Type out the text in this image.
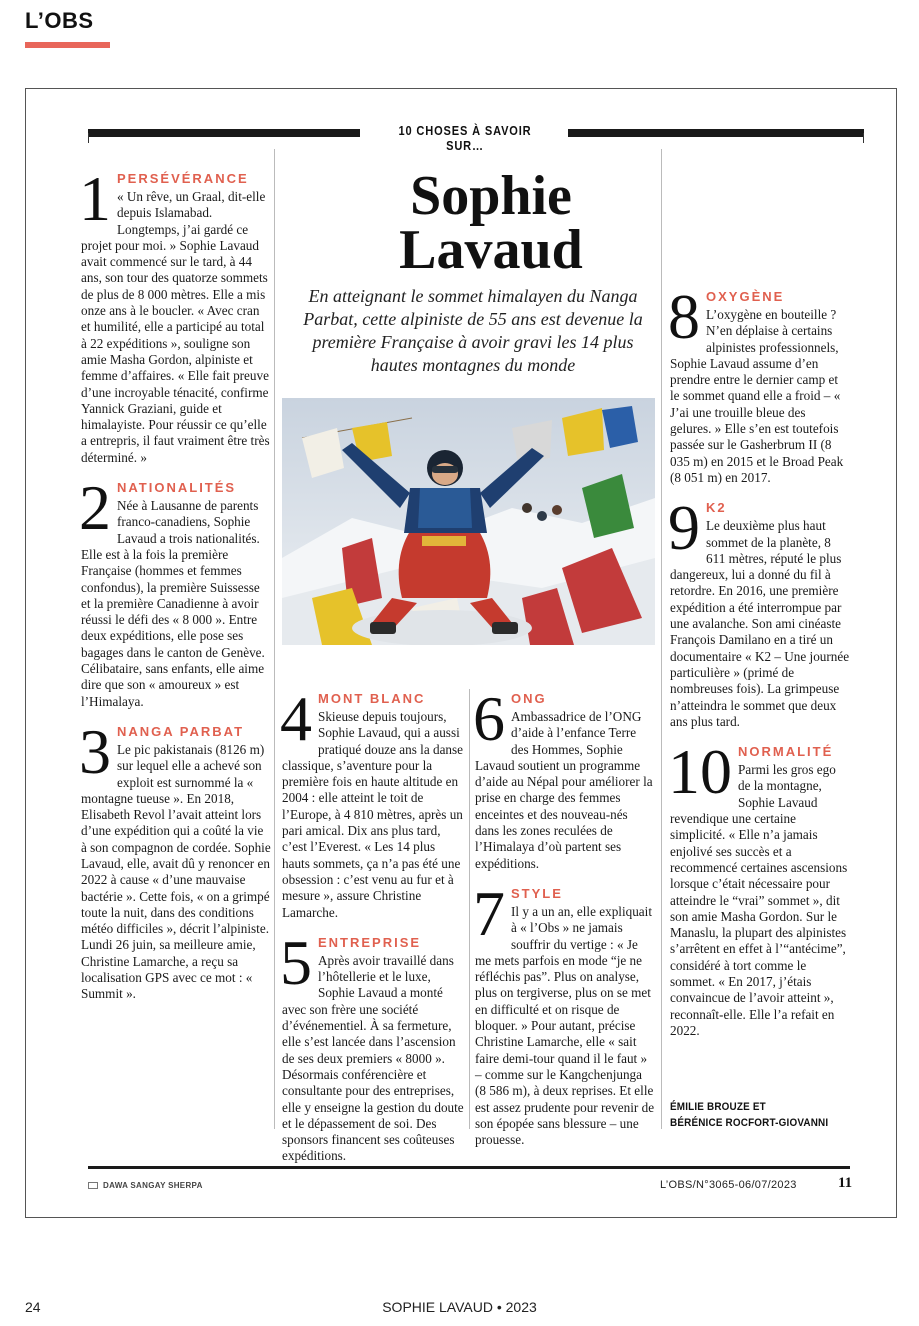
L’OBS
10 CHOSES À SAVOIR SUR…
1 PERSÉVÉRANCE
« Un rêve, un Graal, dit-elle depuis Islamabad. Longtemps, j’ai gardé ce projet pour moi. » Sophie Lavaud avait commencé sur le tard, à 44 ans, son tour des quatorze sommets de plus de 8 000 mètres. Elle a mis onze ans à le boucler. « Avec cran et humilité, elle a participé au total à 22 expéditions », souligne son amie Masha Gordon, alpiniste et femme d’affaires. « Elle fait preuve d’une incroyable ténacité, confirme Yannick Graziani, guide et himalayiste. Pour réussir ce qu’elle a entrepris, il faut vraiment être très déterminé. »
2 NATIONALITÉS
Née à Lausanne de parents franco-canadiens, Sophie Lavaud a trois nationalités. Elle est à la fois la première Française (hommes et femmes confondus), la première Suissesse et la première Canadienne à avoir réussi le défi des « 8 000 ». Entre deux expéditions, elle pose ses bagages dans le canton de Genève. Célibataire, sans enfants, elle aime dire que son « amoureux » est l’Himalaya.
3 NANGA PARBAT
Le pic pakistanais (8126 m) sur lequel elle a achevé son exploit est surnommé la « montagne tueuse ». En 2018, Elisabeth Revol l’avait atteint lors d’une expédition qui a coûté la vie à son compagnon de cordée. Sophie Lavaud, elle, avait dû y renoncer en 2022 à cause « d’une mauvaise bactérie ». Cette fois, « on a grimpé toute la nuit, dans des conditions météo difficiles », décrit l’alpiniste. Lundi 26 juin, sa meilleure amie, Christine Lamarche, a reçu sa localisation GPS avec ce mot : « Summit ».
Sophie
Lavaud
En atteignant le sommet himalayen du Nanga Parbat, cette alpiniste de 55 ans est devenue la première Française à avoir gravi les 14 plus hautes montagnes du monde
4 MONT BLANC
Skieuse depuis toujours, Sophie Lavaud, qui a aussi pratiqué douze ans la danse classique, s’aventure pour la première fois en haute altitude en 2004 : elle atteint le toit de l’Europe, à 4 810 mètres, après un pari amical. Dix ans plus tard, c’est l’Everest. « Les 14 plus hauts sommets, ça n’a pas été une obsession : c’est venu au fur et à mesure », assure Christine Lamarche.
5 ENTREPRISE
Après avoir travaillé dans l’hôtellerie et le luxe, Sophie Lavaud a monté avec son frère une société d’événementiel. À sa fermeture, elle s’est lancée dans l’ascension de ses deux premiers « 8000 ». Désormais conférencière et consultante pour des entreprises, elle y enseigne la gestion du doute et le dépassement de soi. Des sponsors financent ses coûteuses expéditions.
6 ONG
Ambassadrice de l’ONG d’aide à l’enfance Terre des Hommes, Sophie Lavaud soutient un programme d’aide au Népal pour améliorer la prise en charge des femmes enceintes et des nouveau-nés dans les zones reculées de l’Himalaya d’où partent ses expéditions.
7 STYLE
Il y a un an, elle expliquait à « l’Obs » ne jamais souffrir du vertige : « Je me mets parfois en mode “je ne réfléchis pas”. Plus on analyse, plus on tergiverse, plus on se met en difficulté et on risque de bloquer. » Pour autant, précise Christine Lamarche, elle « sait faire demi-tour quand il le faut » – comme sur le Kangchenjunga (8 586 m), à deux reprises. Et elle est assez prudente pour revenir de son épopée sans blessure – une prouesse.
8 OXYGÈNE
L’oxygène en bouteille ? N’en déplaise à certains alpinistes professionnels, Sophie Lavaud assume d’en prendre entre le dernier camp et le sommet quand elle a froid – « J’ai une trouille bleue des gelures. » Elle s’en est toutefois passée sur le Gasherbrum II (8 035 m) en 2015 et le Broad Peak (8 051 m) en 2017.
9 K2
Le deuxième plus haut sommet de la planète, 8 611 mètres, réputé le plus dangereux, lui a donné du fil à retordre. En 2016, une première expédition a été interrompue par une avalanche. Son ami cinéaste François Damilano en a tiré un documentaire « K2 – Une journée particulière » (primé de nombreuses fois). La grimpeuse n’atteindra le sommet que deux ans plus tard.
10 NORMALITÉ
Parmi les gros ego de la montagne, Sophie Lavaud revendique une certaine simplicité. « Elle n’a jamais enjolivé ses succès et a recommencé certaines ascensions lorsque c’était nécessaire pour atteindre le “vrai” sommet », dit son amie Masha Gordon. Sur le Manaslu, la plupart des alpinistes s’arrêtent en effet à l’“antécime”, considéré à tort comme le sommet. « En 2017, j’étais convaincue de l’avoir atteint », reconnaît-elle. Elle l’a refait en 2022.
ÉMILIE BROUZE ET
BÉRÉNICE ROCFORT-GIOVANNI
DAWA SANGAY SHERPA	L’OBS/N°3065-06/07/2023	11
24	SOPHIE LAVAUD • 2023
